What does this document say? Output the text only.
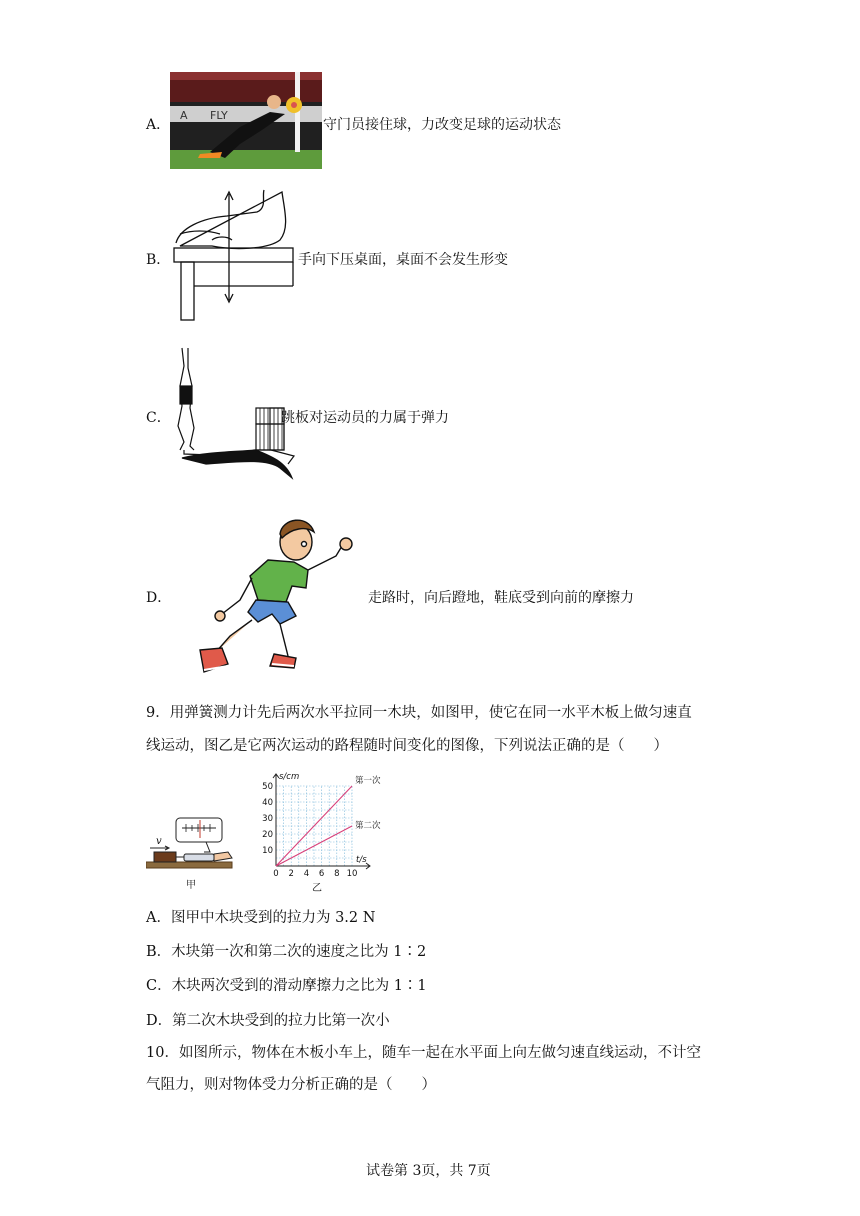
A．
A FLY
守门员接住球，力改变足球的运动状态
B．	手向下压桌面，桌面不会发生形变
C．	跳板对运动员的力属于弹力
D．	走路时，向后蹬地，鞋底受到向前的摩擦力
9．用弹簧测力计先后两次水平拉同一木块，如图甲，使它在同一水平木板上做匀速直
线运动，图乙是它两次运动的路程随时间变化的图像，下列说法正确的是（　　）
v
甲
0 2 4 6 8 10
10
20
30
40
50
s/cm
t/s
第一次
第二次
乙
A．图甲中木块受到的拉力为 3.2 N
B．木块第一次和第二次的速度之比为 1∶2
C．木块两次受到的滑动摩擦力之比为 1∶1
D．第二次木块受到的拉力比第一次小
10．如图所示，物体在木板小车上，随车一起在水平面上向左做匀速直线运动，不计空
气阻力，则对物体受力分析正确的是（　　）
试卷第 3页，共 7页
